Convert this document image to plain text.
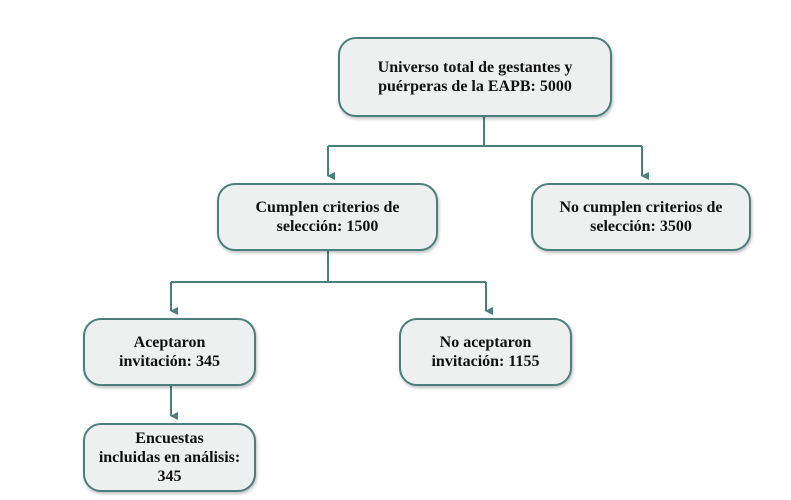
Universo total de gestantes y
puérperas de la EAPB: 5000
Cumplen criterios de
selección: 1500
No cumplen criterios de
selección: 3500
Aceptaron
invitación: 345
No aceptaron
invitación: 1155
Encuestas
incluidas en análisis:
345
